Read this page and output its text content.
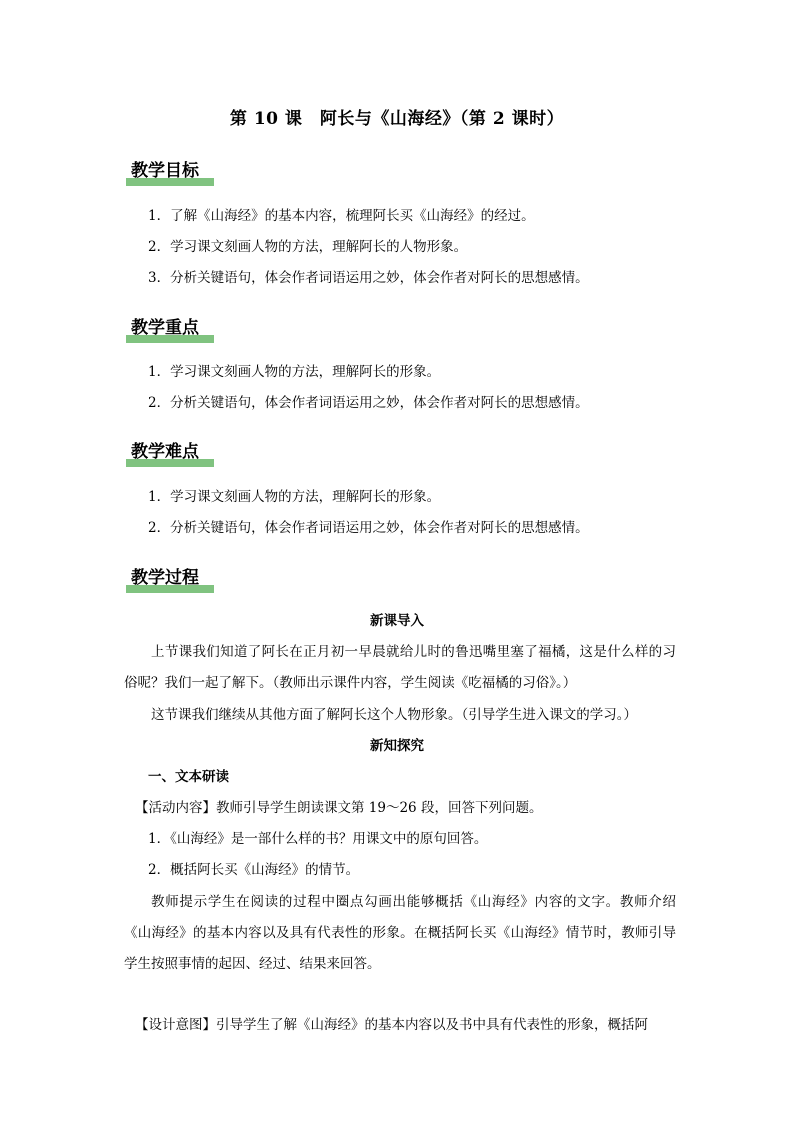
第 10 课　阿长与《山海经》（第 2 课时）
教学目标
1．了解《山海经》的基本内容，梳理阿长买《山海经》的经过。
2．学习课文刻画人物的方法，理解阿长的人物形象。
3．分析关键语句，体会作者词语运用之妙，体会作者对阿长的思想感情。
教学重点
1．学习课文刻画人物的方法，理解阿长的形象。
2．分析关键语句，体会作者词语运用之妙，体会作者对阿长的思想感情。
教学难点
1．学习课文刻画人物的方法，理解阿长的形象。
2．分析关键语句，体会作者词语运用之妙，体会作者对阿长的思想感情。
教学过程
新课导入
上节课我们知道了阿长在正月初一早晨就给儿时的鲁迅嘴里塞了福橘，这是什么样的习俗呢？我们一起了解下。（教师出示课件内容，学生阅读《吃福橘的习俗》。）
这节课我们继续从其他方面了解阿长这个人物形象。（引导学生进入课文的学习。）
新知探究
一、文本研读
【活动内容】教师引导学生朗读课文第 19～26 段，回答下列问题。
1．《山海经》是一部什么样的书？用课文中的原句回答。
2．概括阿长买《山海经》的情节。
教师提示学生在阅读的过程中圈点勾画出能够概括《山海经》内容的文字。教师介绍《山海经》的基本内容以及具有代表性的形象。在概括阿长买《山海经》情节时，教师引导学生按照事情的起因、经过、结果来回答。
【设计意图】引导学生了解《山海经》的基本内容以及书中具有代表性的形象，概括阿
